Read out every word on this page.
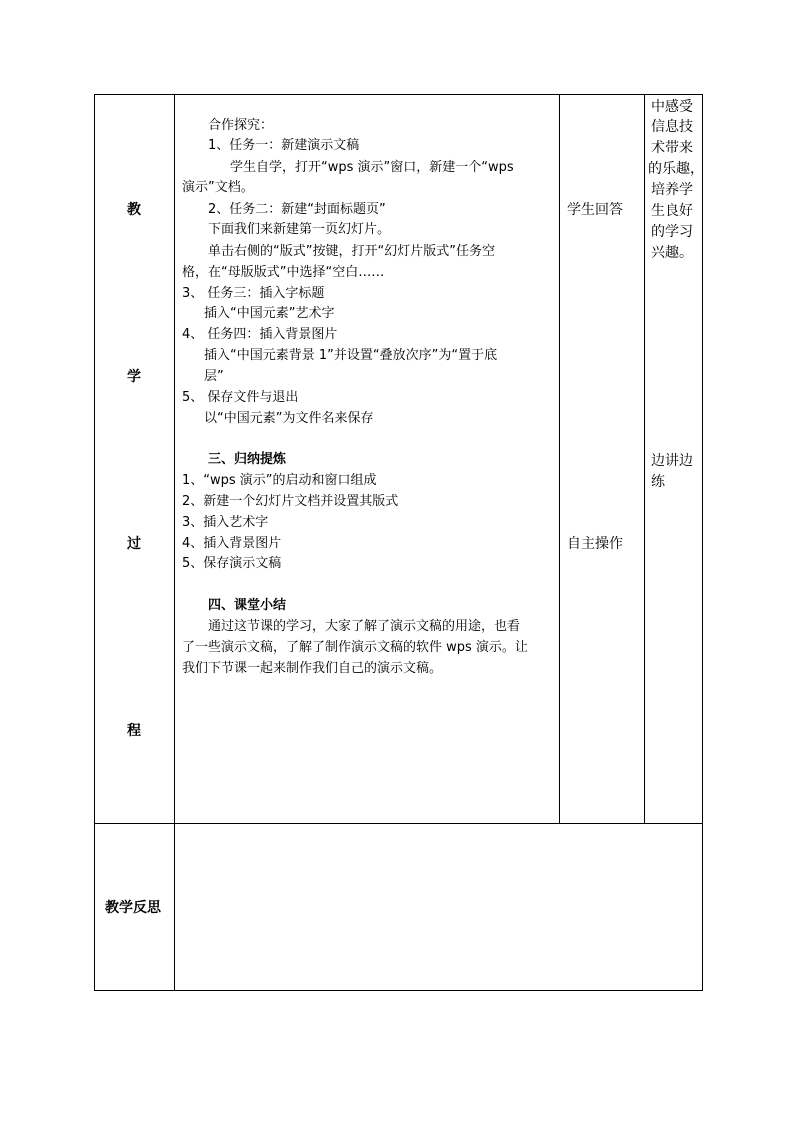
教
学
过
程
合作探究：
1、任务一：新建演示文稿
学生自学，打开“wps 演示”窗口，新建一个“wps
演示”文档。
2、任务二：新建“封面标题页”
下面我们来新建第一页幻灯片。
单击右侧的“版式”按键，打开“幻灯片版式”任务空
格，在“母版版式”中选择“空白……
3、 任务三：插入字标题
插入“中国元素”艺术字
4、 任务四：插入背景图片
插入“中国元素背景 1”并设置“叠放次序”为“置于底
层”
5、 保存文件与退出
以“中国元素”为文件名来保存
三、归纳提炼
1、“wps 演示”的启动和窗口组成
2、新建一个幻灯片文档并设置其版式
3、插入艺术字
4、插入背景图片
5、保存演示文稿
四、课堂小结
通过这节课的学习，大家了解了演示文稿的用途，也看
了一些演示文稿，了解了制作演示文稿的软件 wps 演示。让
我们下节课一起来制作我们自己的演示文稿。
学生回答
自主操作
中感受
信息技
术带来
的乐趣，
培养学
生良好
的学习
兴趣。
边讲边
练
教学反思
